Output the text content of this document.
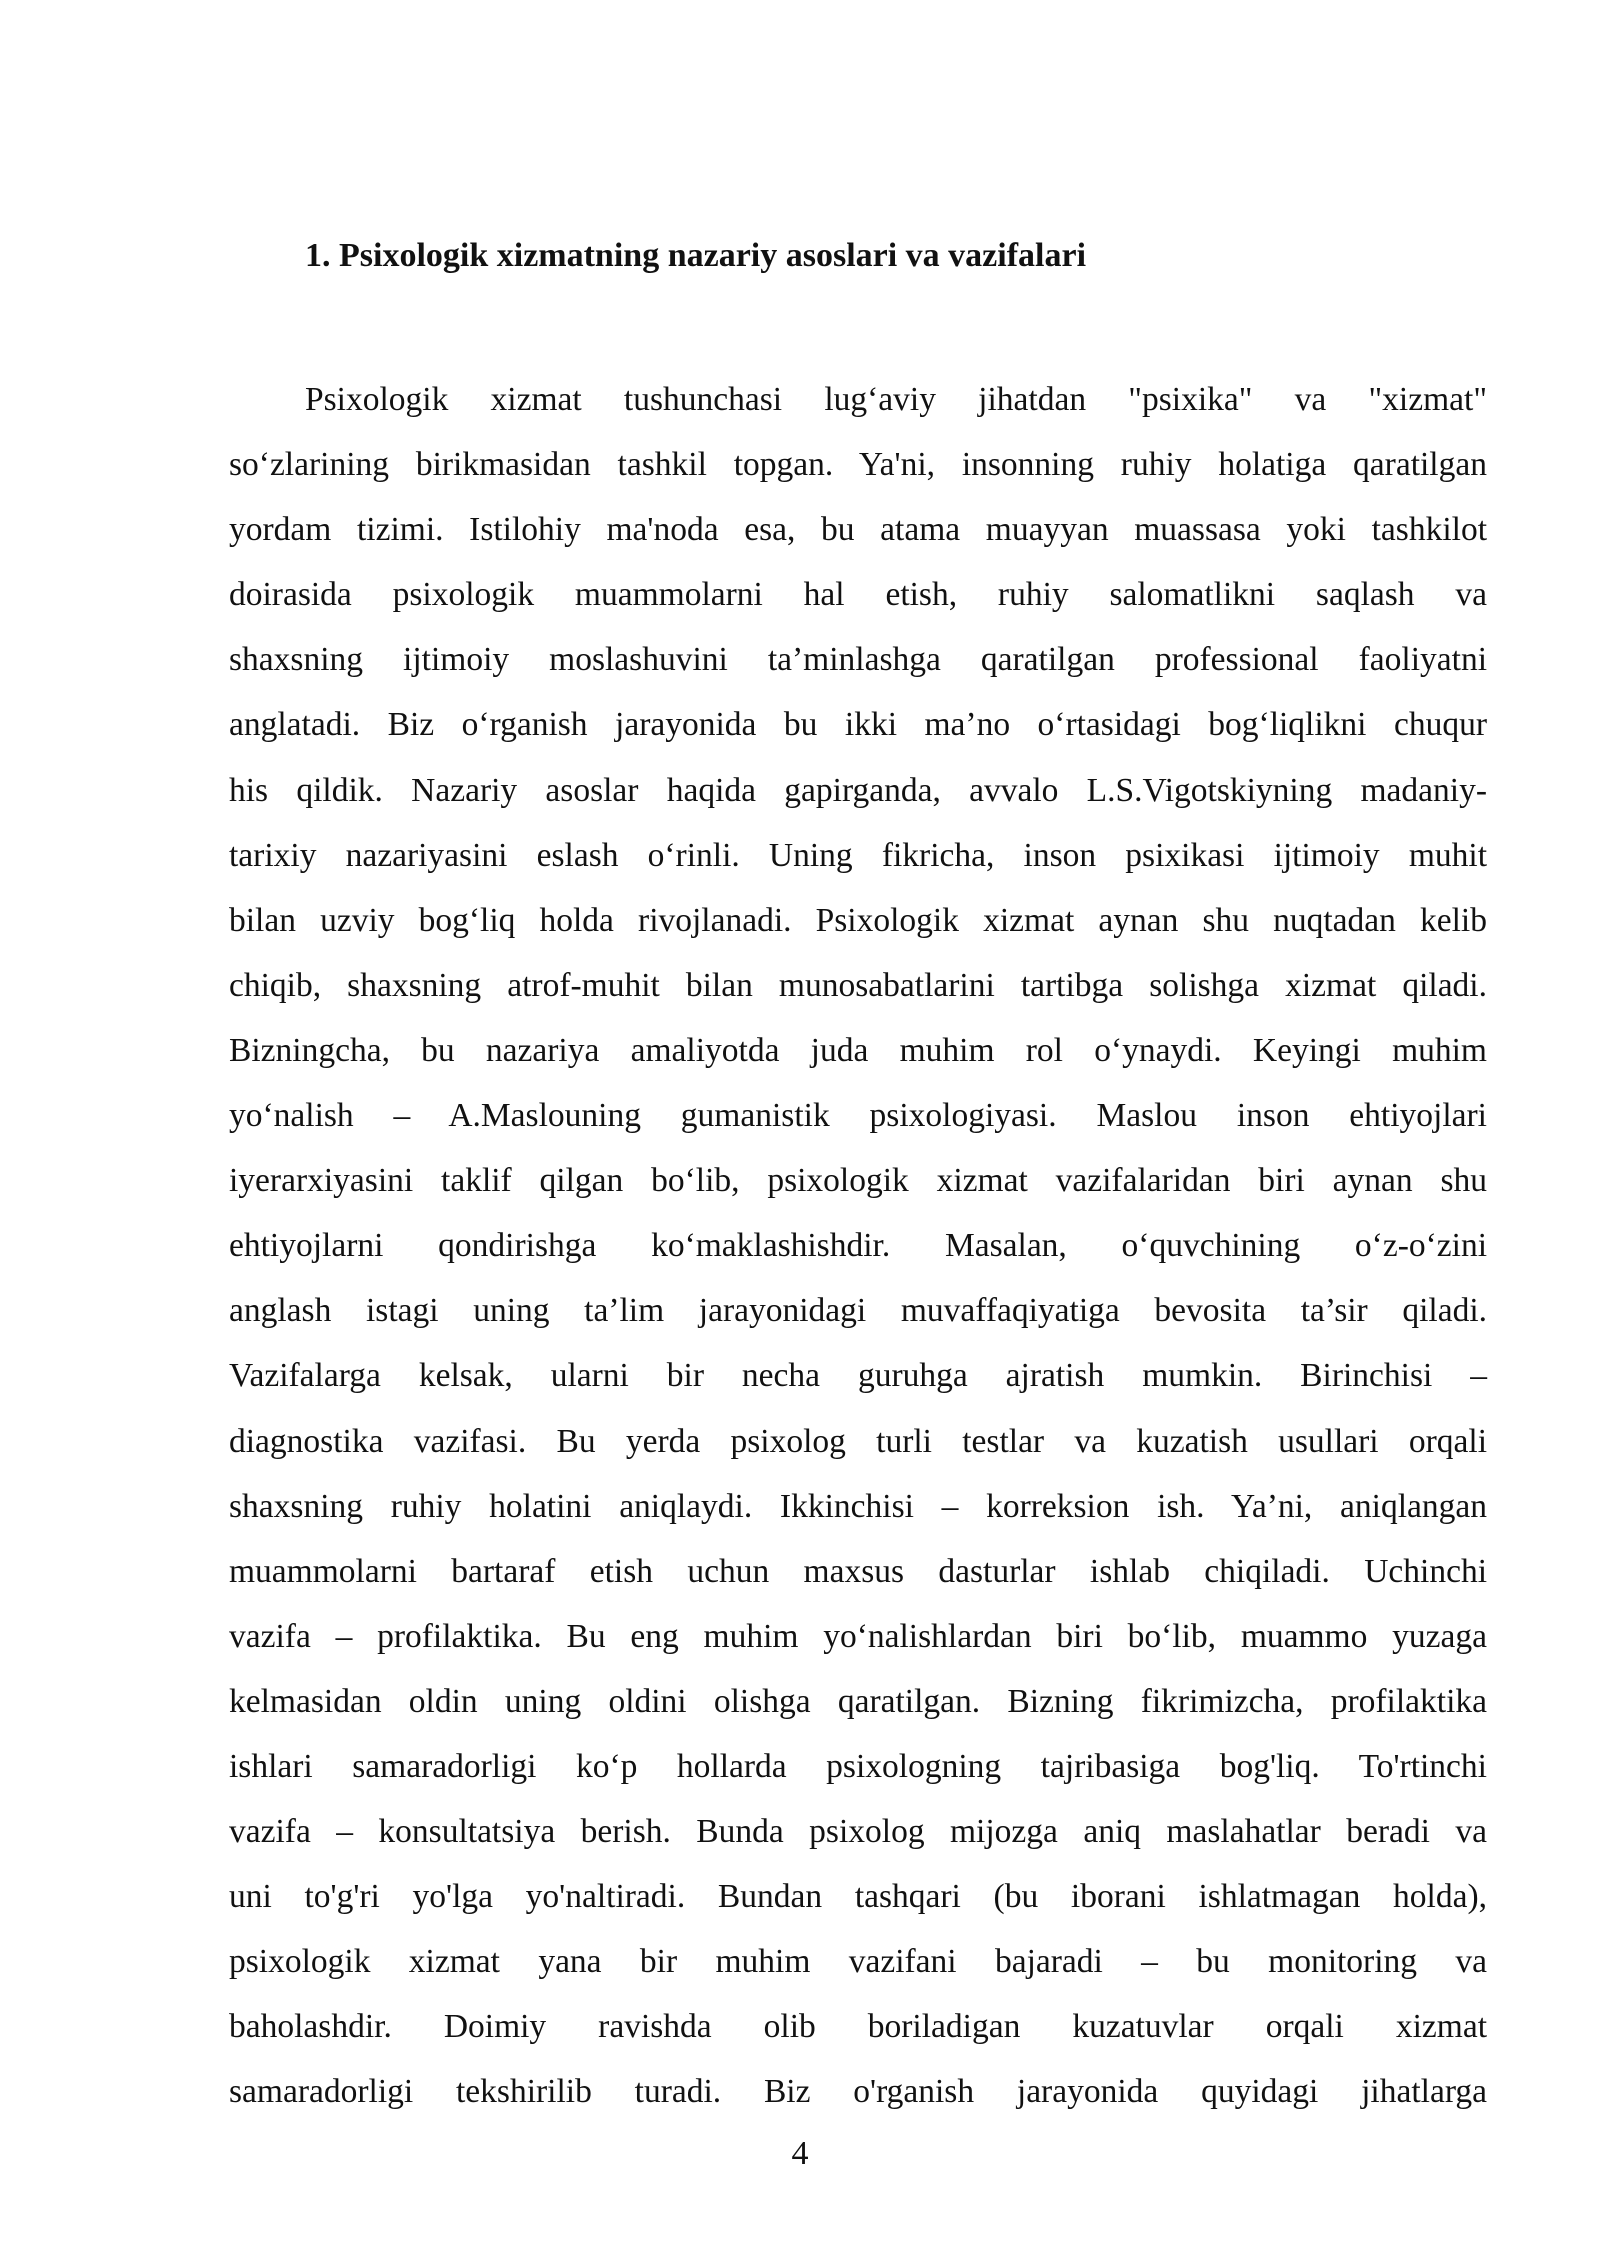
1. Psixologik xizmatning nazariy asoslari va vazifalari
Psixologik xizmat tushunchasi lug‘aviy jihatdan "psixika" va "xizmat"
so‘zlarining birikmasidan tashkil topgan. Ya'ni, insonning ruhiy holatiga qaratilgan
yordam tizimi. Istilohiy ma'noda esa, bu atama muayyan muassasa yoki tashkilot
doirasida psixologik muammolarni hal etish, ruhiy salomatlikni saqlash va
shaxsning ijtimoiy moslashuvini ta’minlashga qaratilgan professional faoliyatni
anglatadi. Biz o‘rganish jarayonida bu ikki ma’no o‘rtasidagi bog‘liqlikni chuqur
his qildik. Nazariy asoslar haqida gapirganda, avvalo L.S.Vigotskiyning madaniy-
tarixiy nazariyasini eslash o‘rinli. Uning fikricha, inson psixikasi ijtimoiy muhit
bilan uzviy bog‘liq holda rivojlanadi. Psixologik xizmat aynan shu nuqtadan kelib
chiqib, shaxsning atrof-muhit bilan munosabatlarini tartibga solishga xizmat qiladi.
Bizningcha, bu nazariya amaliyotda juda muhim rol o‘ynaydi. Keyingi muhim
yo‘nalish – A.Maslouning gumanistik psixologiyasi. Maslou inson ehtiyojlari
iyerarxiyasini taklif qilgan bo‘lib, psixologik xizmat vazifalaridan biri aynan shu
ehtiyojlarni qondirishga ko‘maklashishdir. Masalan, o‘quvchining o‘z-o‘zini
anglash istagi uning ta’lim jarayonidagi muvaffaqiyatiga bevosita ta’sir qiladi.
Vazifalarga kelsak, ularni bir necha guruhga ajratish mumkin. Birinchisi –
diagnostika vazifasi. Bu yerda psixolog turli testlar va kuzatish usullari orqali
shaxsning ruhiy holatini aniqlaydi. Ikkinchisi – korreksion ish. Ya’ni, aniqlangan
muammolarni bartaraf etish uchun maxsus dasturlar ishlab chiqiladi. Uchinchi
vazifa – profilaktika. Bu eng muhim yo‘nalishlardan biri bo‘lib, muammo yuzaga
kelmasidan oldin uning oldini olishga qaratilgan. Bizning fikrimizcha, profilaktika
ishlari samaradorligi ko‘p hollarda psixologning tajribasiga bog'liq. To'rtinchi
vazifa – konsultatsiya berish. Bunda psixolog mijozga aniq maslahatlar beradi va
uni to'g'ri yo'lga yo'naltiradi. Bundan tashqari (bu iborani ishlatmagan holda),
psixologik xizmat yana bir muhim vazifani bajaradi – bu monitoring va
baholashdir. Doimiy ravishda olib boriladigan kuzatuvlar orqali xizmat
samaradorligi tekshirilib turadi. Biz o'rganish jarayonida quyidagi jihatlarga
4
